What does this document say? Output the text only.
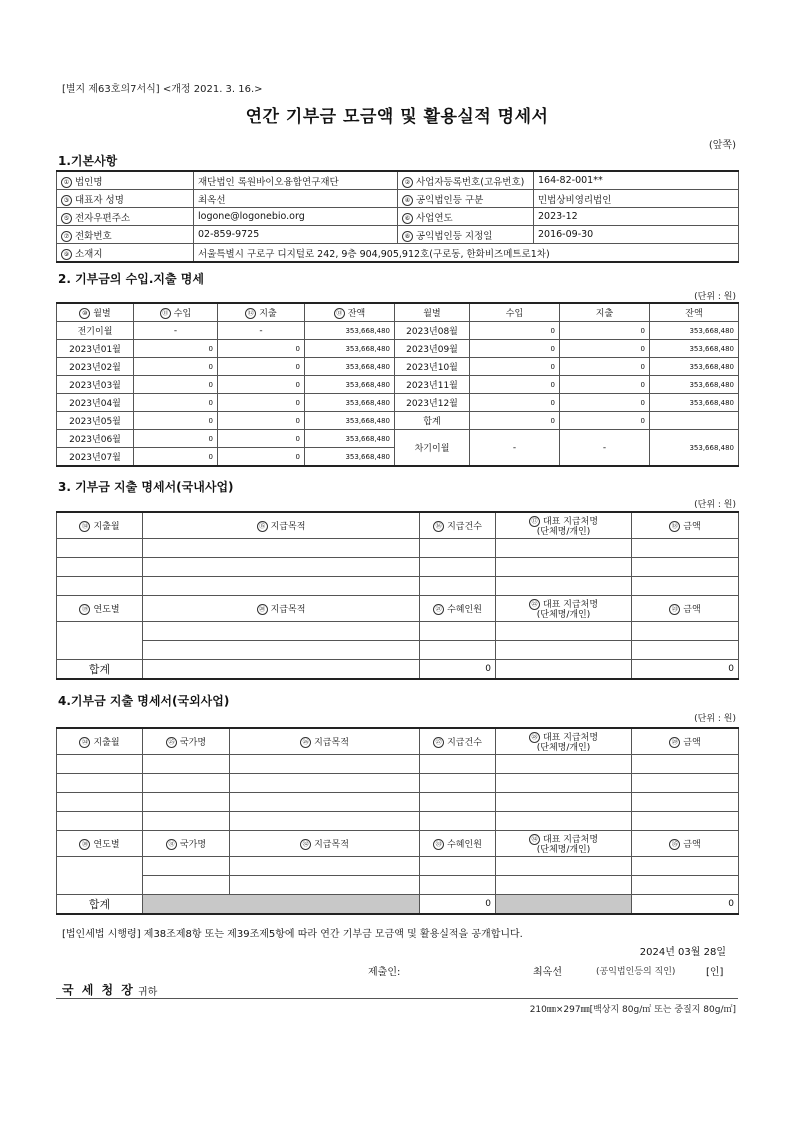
[별지 제63호의7서식] <개정 2021. 3. 16.>
연간 기부금 모금액 및 활용실적 명세서
(앞쪽)
1.기본사항
① 법인명	재단법인 록원바이오융합연구재단	② 사업자등록번호(고유번호)	164-82-001**
③ 대표자 성명	최옥선	④ 공익법인등 구분	민법상비영리법인
⑤ 전자우편주소	logone@logonebio.org	⑥ 사업연도	2023-12
⑦ 전화번호	02-859-9725	⑧ 공익법인등 지정일	2016-09-30
⑨ 소재지	서울특별시 구로구 디지털로 242, 9층 904,905,912호(구로동, 한화비즈메트로1차)		
2. 기부금의 수입.지출 명세
(단위 : 원)
⑩ 월별	⑪ 수입	⑫ 지출	⑬ 잔액	월별	수입	지출	잔액
전기이월	-	-	353,668,480	2023년08월	0	0	353,668,480
2023년01월	0	0	353,668,480	2023년09월	0	0	353,668,480
2023년02월	0	0	353,668,480	2023년10월	0	0	353,668,480
2023년03월	0	0	353,668,480	2023년11월	0	0	353,668,480
2023년04월	0	0	353,668,480	2023년12월	0	0	353,668,480
2023년05월	0	0	353,668,480	합계	0	0	
2023년06월	0	0	353,668,480	차기이월	-	-	353,668,480
2023년07월	0	0	353,668,480				
3. 기부금 지출 명세서(국내사업)
(단위 : 원)
⑭ 지출월	⑮ 지급목적	⑯ 지급건수	⑰ 대표 지급처명
(단체명/개인)	⑱ 금액

⑲ 연도별	⑳ 지급목적	㉑ 수혜인원	㉒ 대표 지급처명
(단체명/개인)	㉓ 금액

합계		0		0
4.기부금 지출 명세서(국외사업)
(단위 : 원)
㉔ 지출월	㉕ 국가명	㉖ 지급목적	㉗ 지급건수	㉘ 대표 지급처명
(단체명/개인)	㉙ 금액

㉚ 연도별	㉛ 국가명	㉜ 지급목적	㉝ 수혜인원	㉞ 대표 지급처명
(단체명/개인)	㉟ 금액

합계			0		0
[법인세법 시행령] 제38조제8항 또는 제39조제5항에 따라 연간 기부금 모금액 및 활용실적을 공개합니다.
2024년 03월 28일
제출인:	최옥선	(공익법인등의 직인)	[인]
국 세 청 장 귀하
210㎜×297㎜[백상지 80g/㎡ 또는 중질지 80g/㎡]
